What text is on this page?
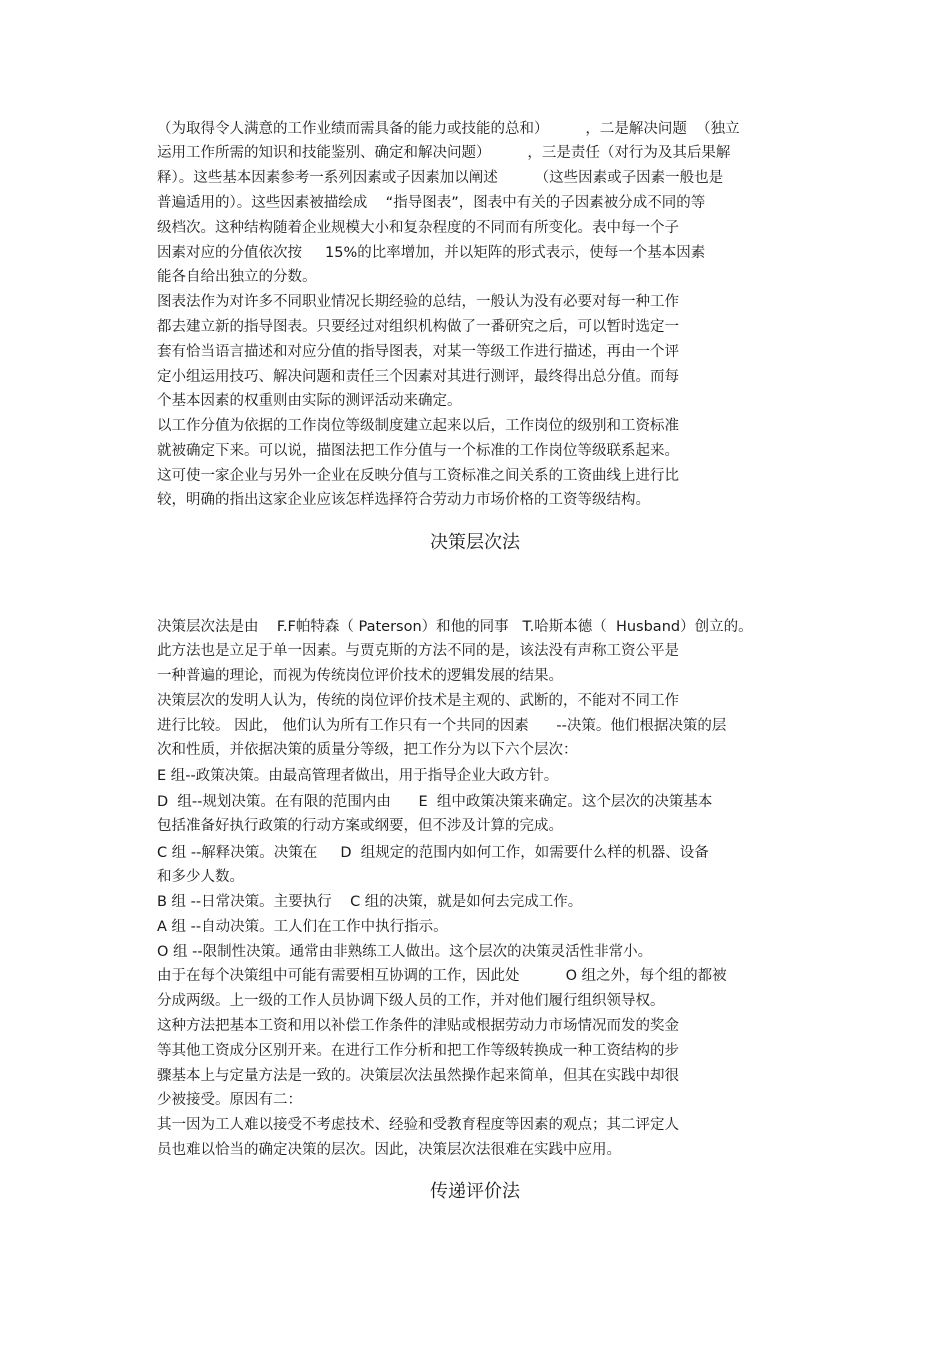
（为取得令人满意的工作业绩而需具备的能力或技能的总和）        ，二是解决问题  （独立
运用工作所需的知识和技能鉴别、确定和解决问题）        ，三是责任（对行为及其后果解
释）。这些基本因素参考一系列因素或子因素加以阐述        （这些因素或子因素一般也是
普遍适用的）。这些因素被描绘成    “指导图表”，图表中有关的子因素被分成不同的等
级档次。这种结构随着企业规模大小和复杂程度的不同而有所变化。表中每一个子
因素对应的分值依次按     15%的比率增加，并以矩阵的形式表示，使每一个基本因素
能各自给出独立的分数。
图表法作为对许多不同职业情况长期经验的总结，一般认为没有必要对每一种工作
都去建立新的指导图表。只要经过对组织机构做了一番研究之后，可以暂时选定一
套有恰当语言描述和对应分值的指导图表，对某一等级工作进行描述，再由一个评
定小组运用技巧、解决问题和责任三个因素对其进行测评，最终得出总分值。而每
个基本因素的权重则由实际的测评活动来确定。
以工作分值为依据的工作岗位等级制度建立起来以后，工作岗位的级别和工资标准
就被确定下来。可以说，描图法把工作分值与一个标准的工作岗位等级联系起来。
这可使一家企业与另外一企业在反映分值与工资标准之间关系的工资曲线上进行比
较，明确的指出这家企业应该怎样选择符合劳动力市场价格的工资等级结构。
决策层次法
决策层次法是由    F.F帕特森（ Paterson）和他的同事   T.哈斯本德（  Husband）创立的。
此方法也是立足于单一因素。与贾克斯的方法不同的是，该法没有声称工资公平是
一种普遍的理论，而视为传统岗位评价技术的逻辑发展的结果。
决策层次的发明人认为，传统的岗位评价技术是主观的、武断的，不能对不同工作
进行比较。 因此， 他们认为所有工作只有一个共同的因素      --决策。他们根据决策的层
次和性质，并依据决策的质量分等级，把工作分为以下六个层次：
E 组--政策决策。由最高管理者做出，用于指导企业大政方针。
D  组--规划决策。在有限的范围内由      E  组中政策决策来确定。这个层次的决策基本
包括准备好执行政策的行动方案或纲要，但不涉及计算的完成。
C 组 --解释决策。决策在     D  组规定的范围内如何工作，如需要什么样的机器、设备
和多少人数。
B 组 --日常决策。主要执行    C 组的决策，就是如何去完成工作。
A 组 --自动决策。工人们在工作中执行指示。
O 组 --限制性决策。通常由非熟练工人做出。这个层次的决策灵活性非常小。
由于在每个决策组中可能有需要相互协调的工作，因此处          O 组之外，每个组的都被
分成两级。上一级的工作人员协调下级人员的工作，并对他们履行组织领导权。
这种方法把基本工资和用以补偿工作条件的津贴或根据劳动力市场情况而发的奖金
等其他工资成分区别开来。在进行工作分析和把工作等级转换成一种工资结构的步
骤基本上与定量方法是一致的。决策层次法虽然操作起来简单，但其在实践中却很
少被接受。原因有二：
其一因为工人难以接受不考虑技术、经验和受教育程度等因素的观点；其二评定人
员也难以恰当的确定决策的层次。因此，决策层次法很难在实践中应用。
传递评价法
